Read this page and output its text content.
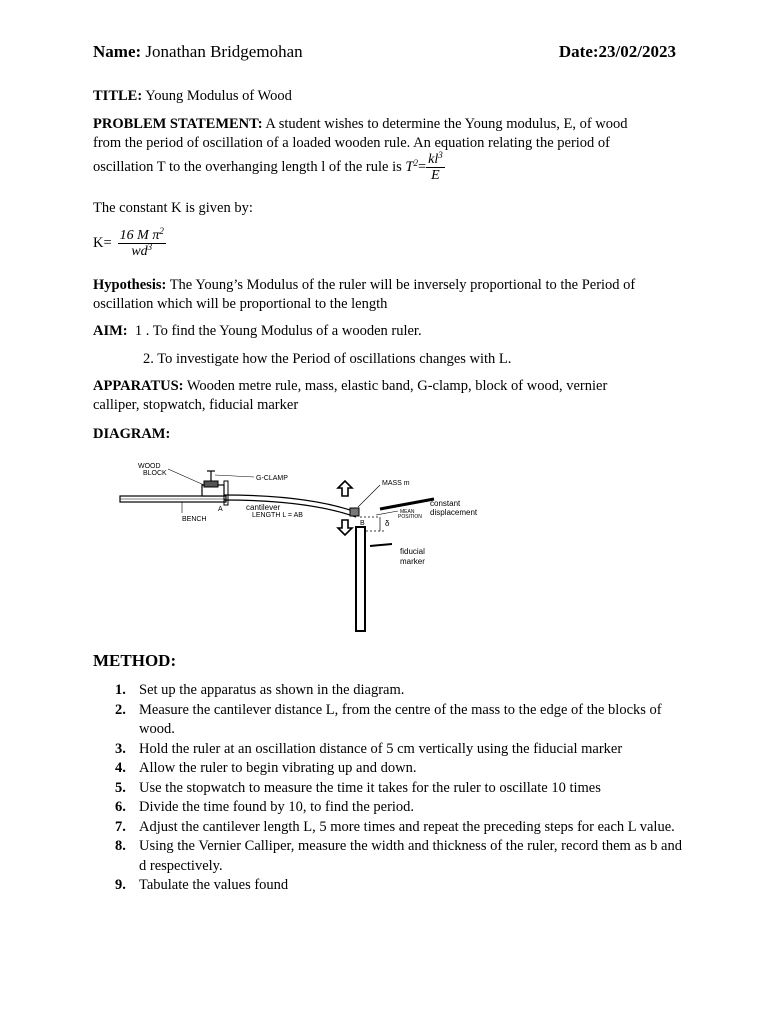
Name: Jonathan Bridgemohan	Date:23/02/2023
TITLE: Young Modulus of Wood
PROBLEM STATEMENT: A student wishes to determine the Young modulus, E, of wood
from the period of oscillation of a loaded wooden rule. An equation relating the period of
oscillation T to the overhanging length l of the rule is $T^2= \frac{kl^3}{E}$
The constant K is given by:
$K= \frac{16 M \pi^2}{wd^3}$
Hypothesis: The Young’s Modulus of the ruler will be inversely proportional to the Period of
oscillation which will be proportional to the length
AIM: 1 . To find the Young Modulus of a wooden ruler.
2. To investigate how the Period of oscillations changes with L.
APPARATUS: Wooden metre rule, mass, elastic band, G-clamp, block of wood, vernier
calliper, stopwatch, fiducial marker
DIAGRAM:
WOOD
BLOCK
G-CLAMP
BENCH
A	cantilever
LENGTH L = AB
MASS m
MEAN
POSITION
B	δ
constant
displacement
fiducial
marker
METHOD:
1. Set up the apparatus as shown in the diagram.
2. Measure the cantilever distance L, from the centre of the mass to the edge of the blocks of wood.
3. Hold the ruler at an oscillation distance of 5 cm vertically using the fiducial marker
4. Allow the ruler to begin vibrating up and down.
5. Use the stopwatch to measure the time it takes for the ruler to oscillate 10 times
6. Divide the time found by 10, to find the period.
7. Adjust the cantilever length L, 5 more times and repeat the preceding steps for each L value.
8. Using the Vernier Calliper, measure the width and thickness of the ruler, record them as b and d respectively.
9. Tabulate the values found
